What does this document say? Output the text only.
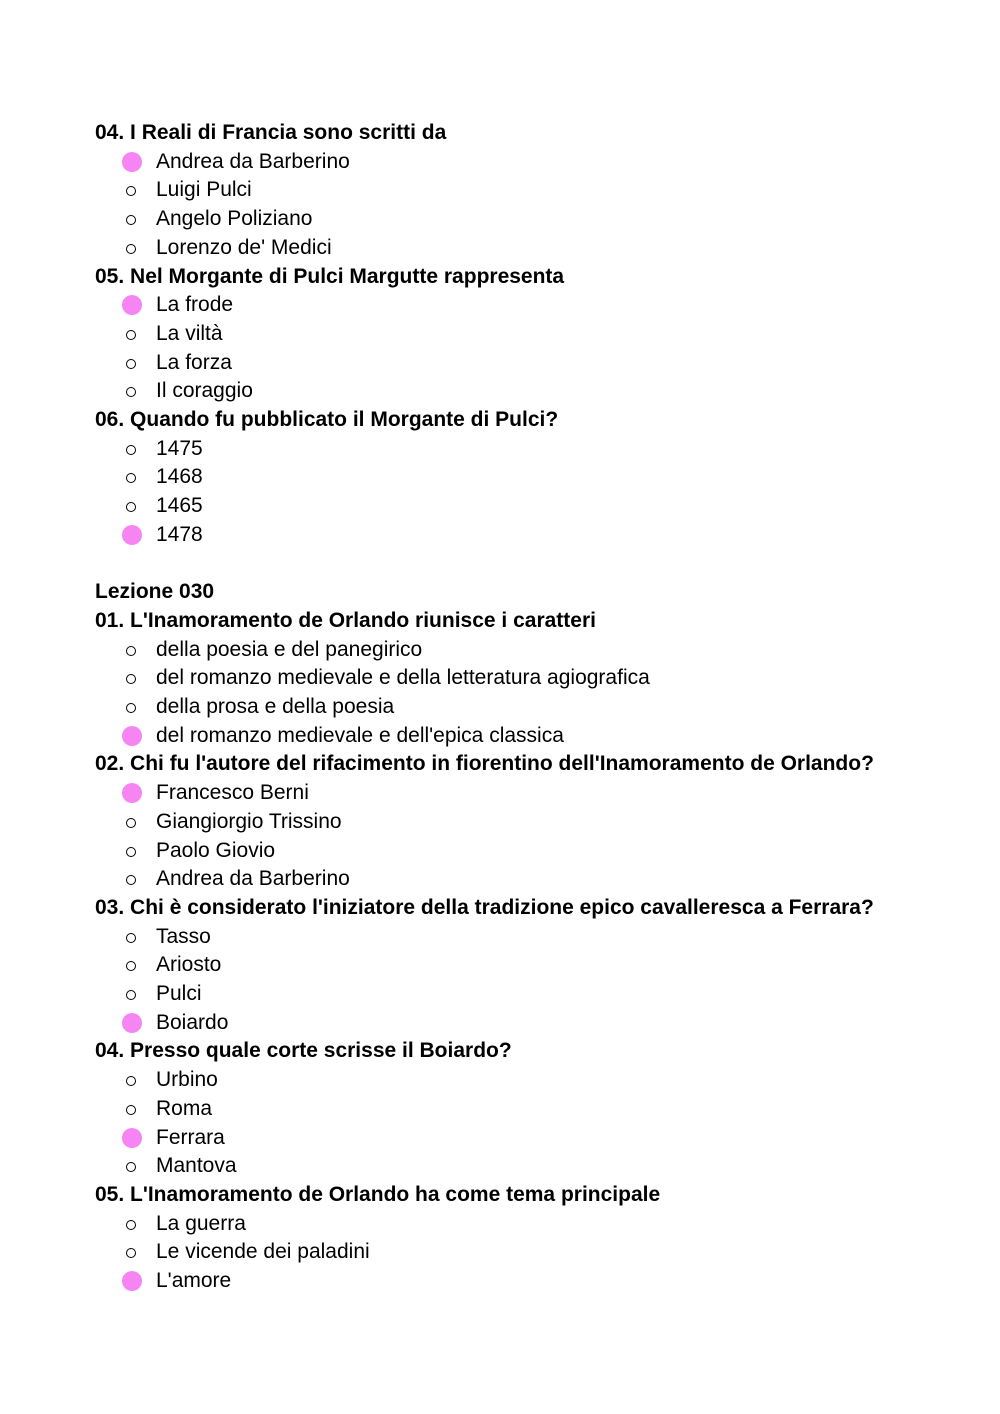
04. I Reali di Francia sono scritti da
Andrea da Barberino
Luigi Pulci
Angelo Poliziano
Lorenzo de' Medici
05. Nel Morgante di Pulci Margutte rappresenta
La frode
La viltà
La forza
Il coraggio
06. Quando fu pubblicato il Morgante di Pulci?
1475
1468
1465
1478
Lezione 030
01. L'Inamoramento de Orlando riunisce i caratteri
della poesia e del panegirico
del romanzo medievale e della letteratura agiografica
della prosa e della poesia
del romanzo medievale e dell'epica classica
02. Chi fu l'autore del rifacimento in fiorentino dell'Inamoramento de Orlando?
Francesco Berni
Giangiorgio Trissino
Paolo Giovio
Andrea da Barberino
03. Chi è considerato l'iniziatore della tradizione epico cavalleresca a Ferrara?
Tasso
Ariosto
Pulci
Boiardo
04. Presso quale corte scrisse il Boiardo?
Urbino
Roma
Ferrara
Mantova
05. L'Inamoramento de Orlando ha come tema principale
La guerra
Le vicende dei paladini
L'amore
